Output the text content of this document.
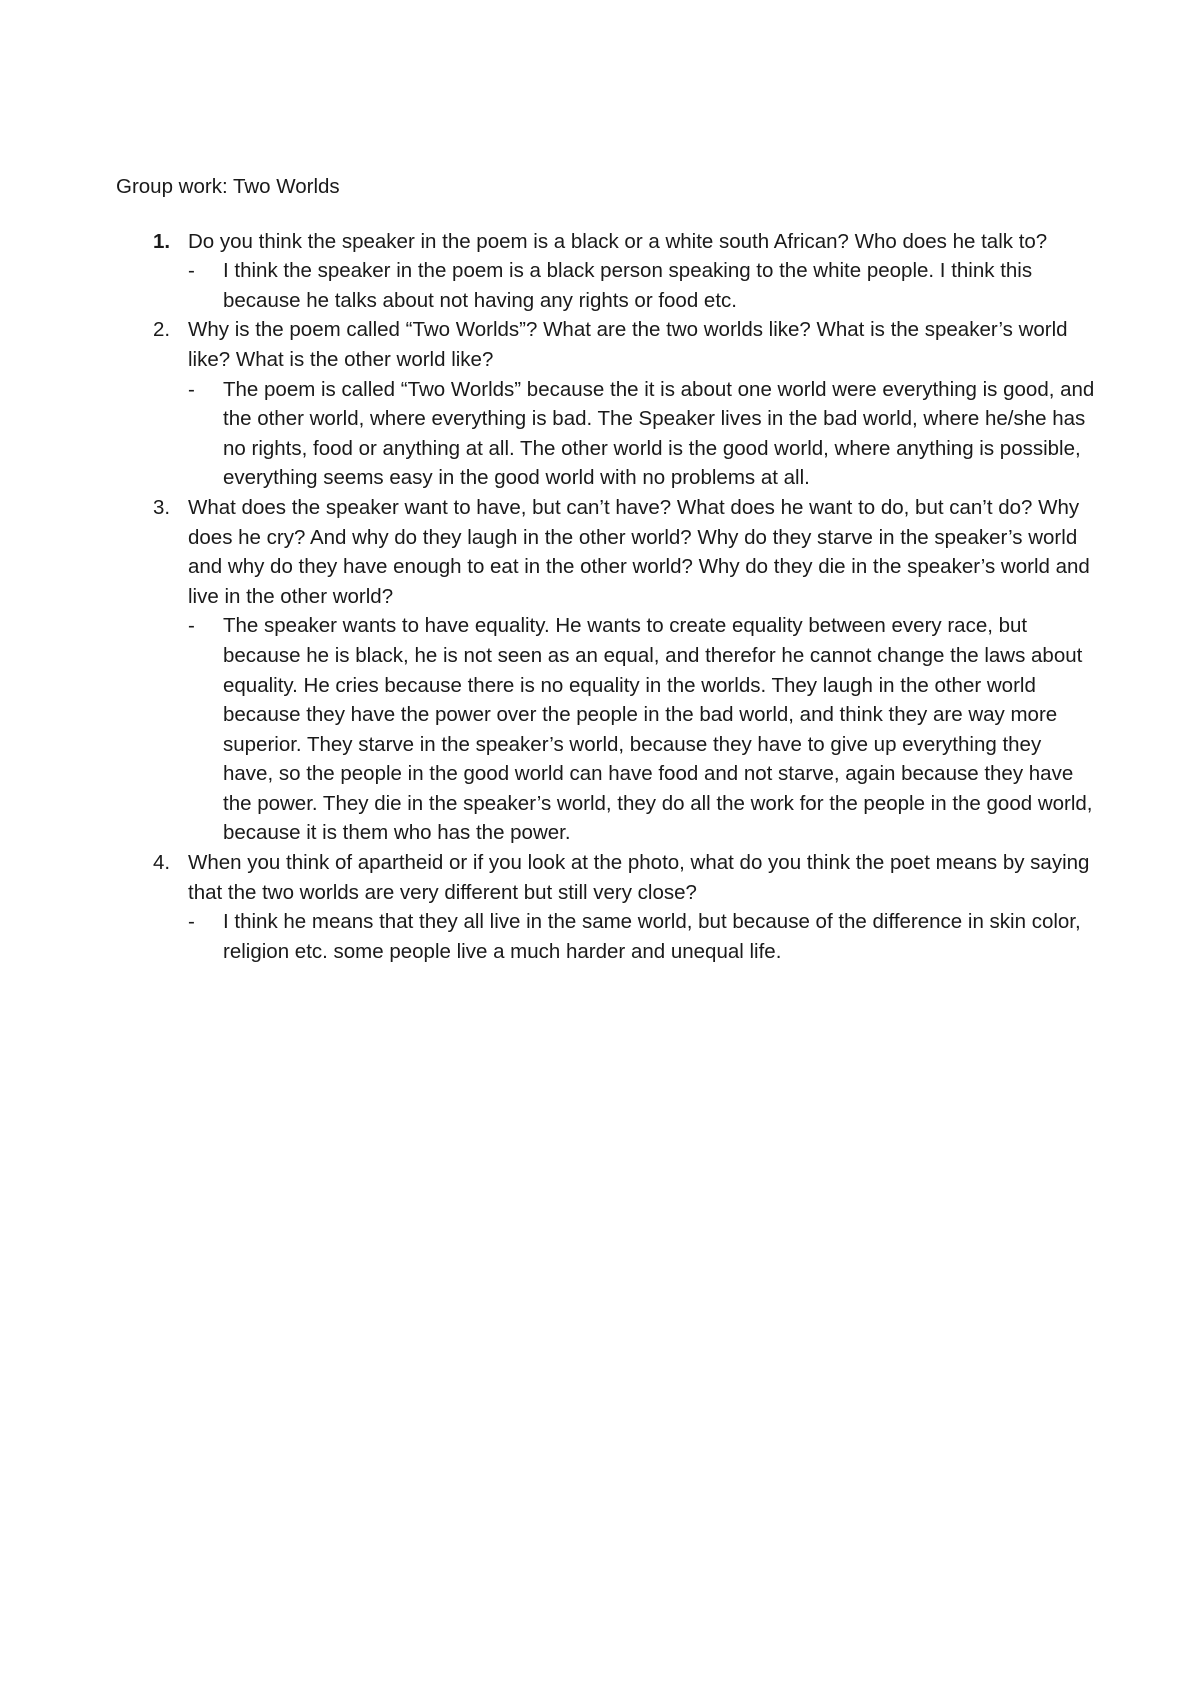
Group work: Two Worlds
1. Do you think the speaker in the poem is a black or a white south African? Who does he talk to?
- I think the speaker in the poem is a black person speaking to the white people. I think this because he talks about not having any rights or food etc.
2. Why is the poem called “Two Worlds”? What are the two worlds like? What is the speaker’s world like? What is the other world like?
- The poem is called “Two Worlds” because the it is about one world were everything is good, and the other world, where everything is bad. The Speaker lives in the bad world, where he/she has no rights, food or anything at all. The other world is the good world, where anything is possible, everything seems easy in the good world with no problems at all.
3. What does the speaker want to have, but can’t have? What does he want to do, but can’t do? Why does he cry? And why do they laugh in the other world? Why do they starve in the speaker’s world and why do they have enough to eat in the other world? Why do they die in the speaker’s world and live in the other world?
- The speaker wants to have equality. He wants to create equality between every race, but because he is black, he is not seen as an equal, and therefor he cannot change the laws about equality. He cries because there is no equality in the worlds. They laugh in the other world because they have the power over the people in the bad world, and think they are way more superior. They starve in the speaker’s world, because they have to give up everything they have, so the people in the good world can have food and not starve, again because they have the power. They die in the speaker’s world, they do all the work for the people in the good world, because it is them who has the power.
4. When you think of apartheid or if you look at the photo, what do you think the poet means by saying that the two worlds are very different but still very close?
- I think he means that they all live in the same world, but because of the difference in skin color, religion etc. some people live a much harder and unequal life.
